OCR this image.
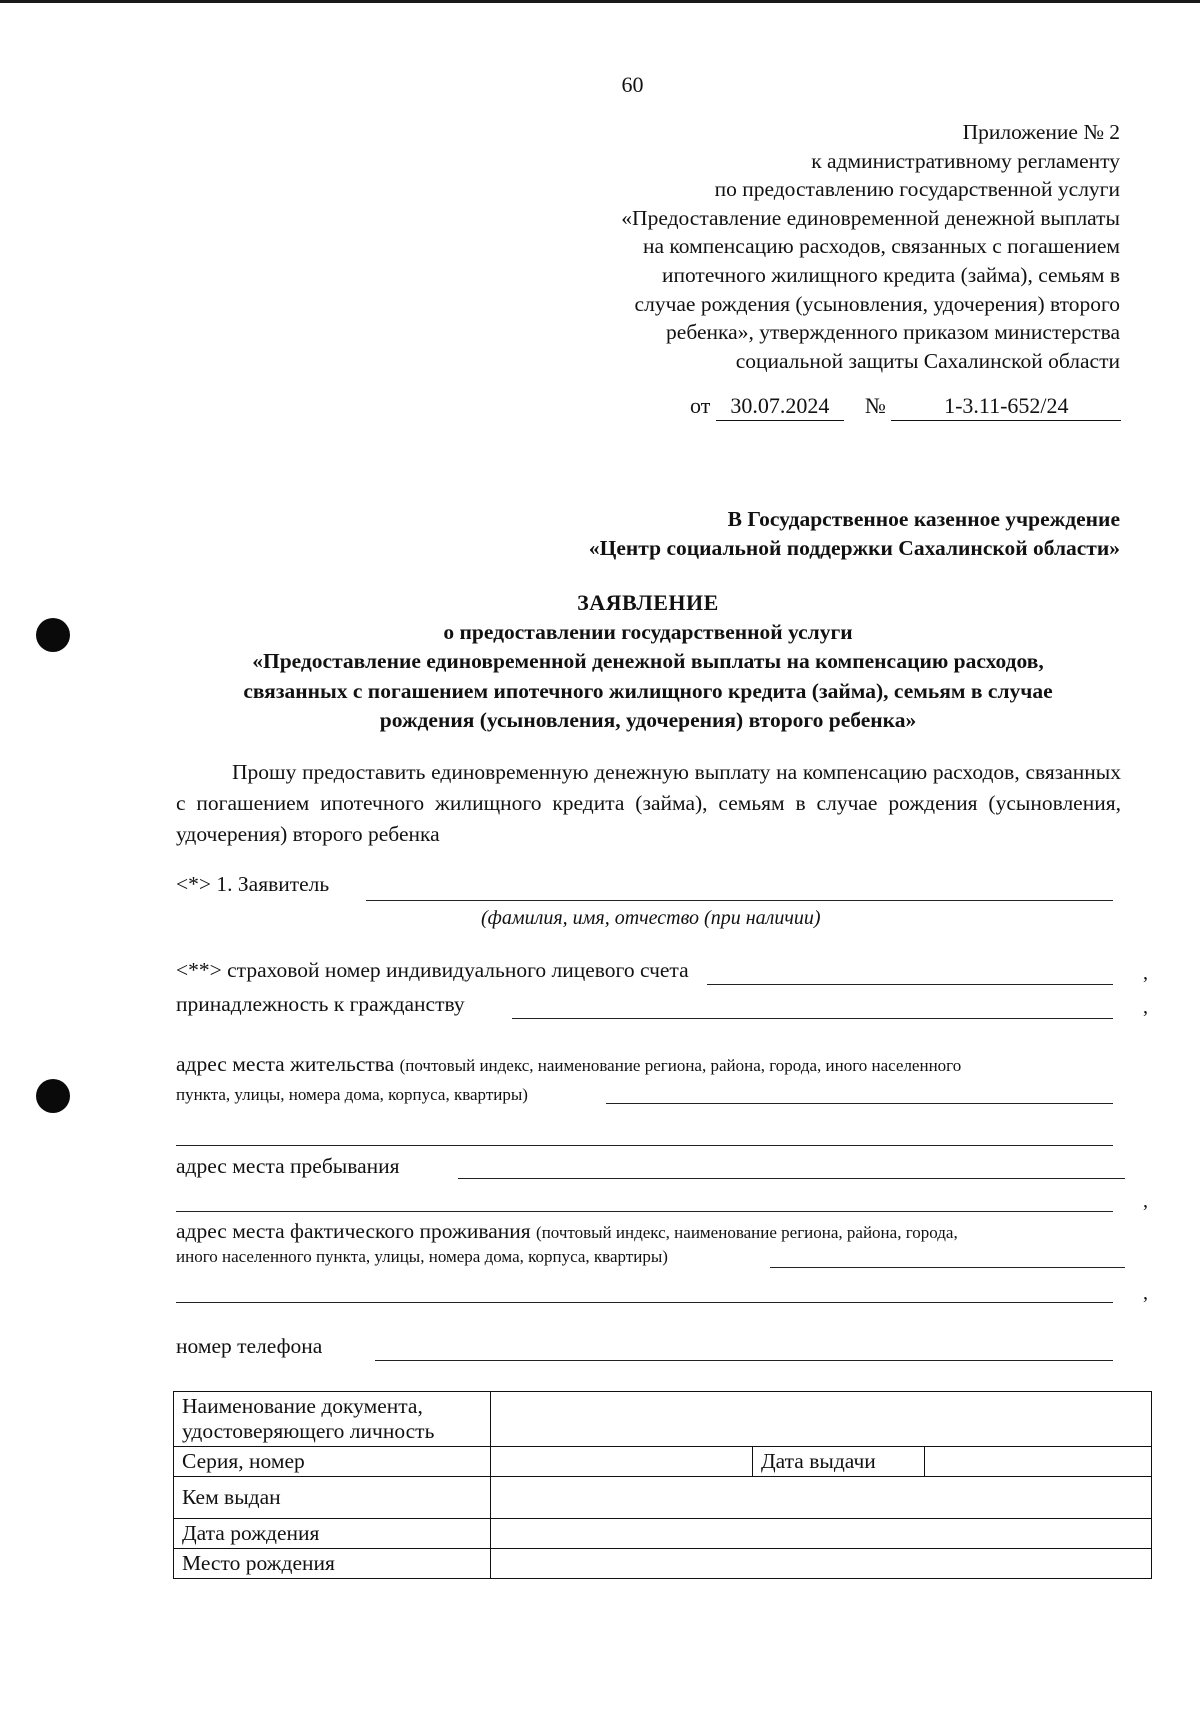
60
Приложение № 2
к административному регламенту
по предоставлению государственной услуги
«Предоставление единовременной денежной выплаты
на компенсацию расходов, связанных с погашением
ипотечного жилищного кредита (займа), семьям в
случае рождения (усыновления, удочерения) второго
ребенка», утвержденного приказом министерства
социальной защиты Сахалинской области
от 30.07.2024 №	1-3.11-652/24
В Государственное казенное учреждение
«Центр социальной поддержки Сахалинской области»
ЗАЯВЛЕНИЕ
о предоставлении государственной услуги
«Предоставление единовременной денежной выплаты на компенсацию расходов,
связанных с погашением ипотечного жилищного кредита (займа), семьям в случае
рождения (усыновления, удочерения) второго ребенка»
Прошу предоставить единовременную денежную выплату на компенсацию расходов, связанных с погашением ипотечного жилищного кредита (займа), семьям в случае рождения (усыновления, удочерения) второго ребенка
<*> 1. Заявитель
(фамилия, имя, отчество (при наличии)
<**> страховой номер индивидуального лицевого счета	,
принадлежность к гражданству	,
адрес места жительства (почтовый индекс, наименование региона, района, города, иного населенного
пункта, улицы, номера дома, корпуса, квартиры)
адрес места пребывания
,
адрес места фактического проживания (почтовый индекс, наименование региона, района, города,
иного населенного пункта, улицы, номера дома, корпуса, квартиры)
,
номер телефона
Наименование документа,
удостоверяющего личность			

Серия, номер		Дата выдачи	
Кем выдан			
Дата рождения			
Место рождения			
